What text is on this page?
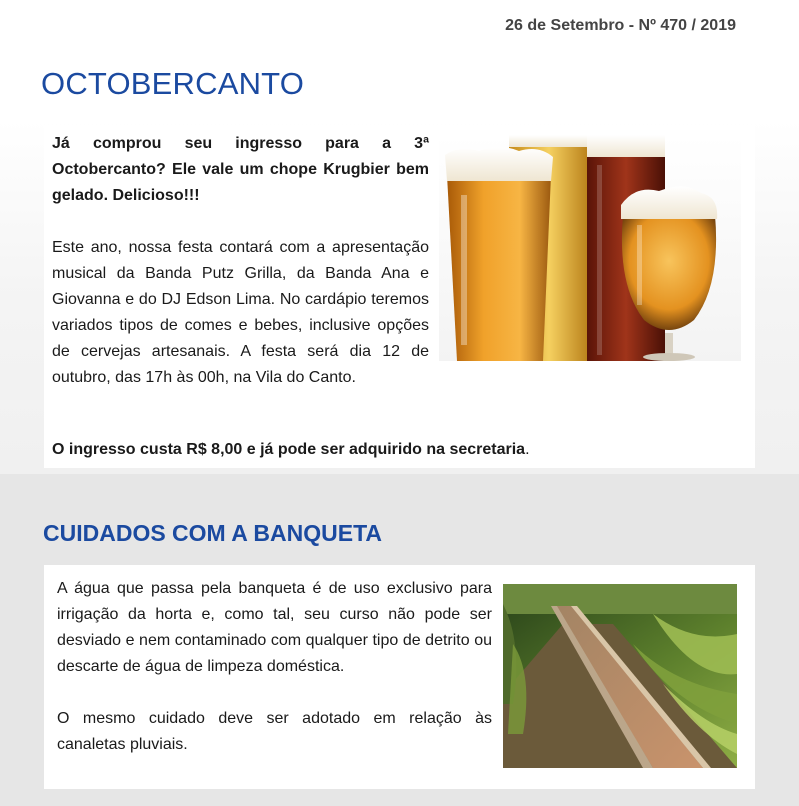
26 de Setembro - Nº 470 / 2019
OCTOBERCANTO

Já comprou seu ingresso para a 3ª Octobercanto? Ele vale um chope Krugbier bem gelado. Delicioso!!!

Este ano, nossa festa contará com a apresentação musical da Banda Putz Grilla, da Banda Ana e Giovanna e do DJ Edson Lima. No cardápio teremos variados tipos de comes e bebes, inclusive opções de cervejas artesanais. A festa será dia 12 de outubro, das 17h às 00h, na Vila do Canto.

O ingresso custa R$ 8,00 e já pode ser adquirido na secretaria.
CUIDADOS COM A BANQUETA

A água que passa pela banqueta é de uso exclusivo para irrigação da horta e, como tal, seu curso não pode ser desviado e nem contaminado com qualquer tipo de detrito ou descarte de água de limpeza doméstica.

O mesmo cuidado deve ser adotado em relação às canaletas pluviais.
